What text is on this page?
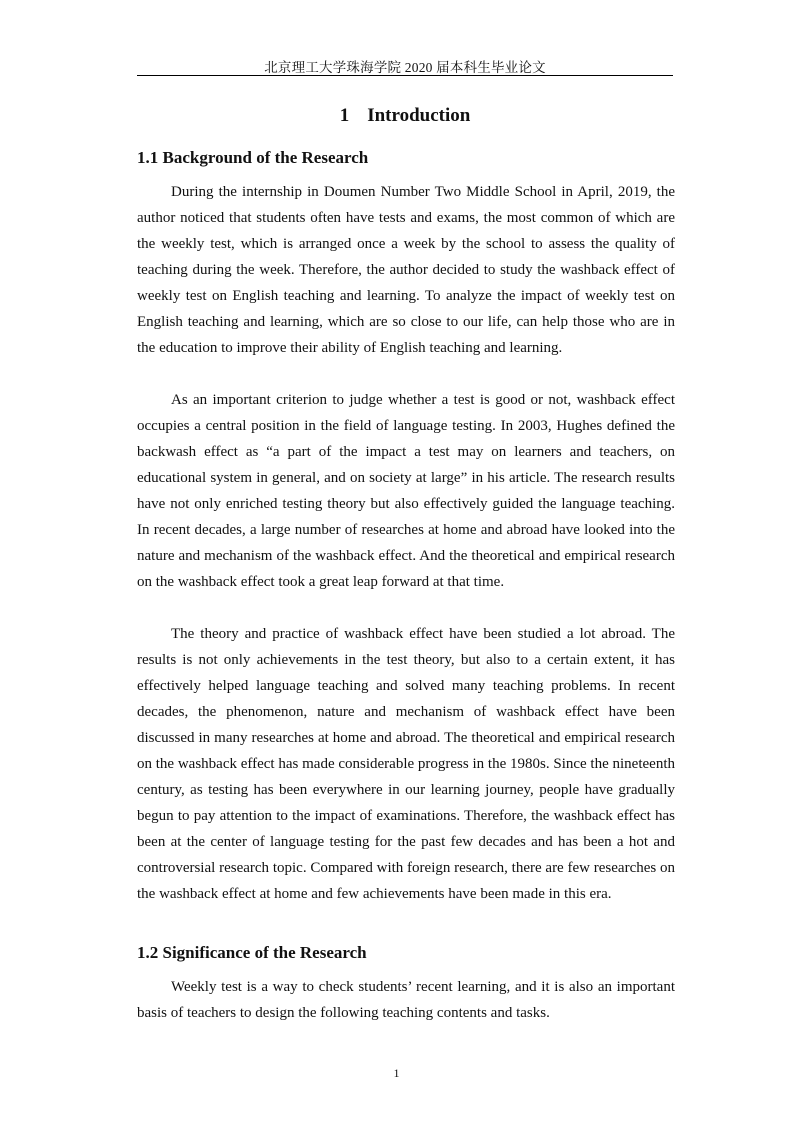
北京理工大学珠海学院 2020 届本科生毕业论文
1 Introduction
1.1 Background of the Research

During the internship in Doumen Number Two Middle School in April, 2019, the author noticed that students often have tests and exams, the most common of which are the weekly test, which is arranged once a week by the school to assess the quality of teaching during the week. Therefore, the author decided to study the washback effect of weekly test on English teaching and learning. To analyze the impact of weekly test on English teaching and learning, which are so close to our life, can help those who are in the education to improve their ability of English teaching and learning.

As an important criterion to judge whether a test is good or not, washback effect occupies a central position in the field of language testing. In 2003, Hughes defined the backwash effect as “a part of the impact a test may on learners and teachers, on educational system in general, and on society at large” in his article. The research results have not only enriched testing theory but also effectively guided the language teaching. In recent decades, a large number of researches at home and abroad have looked into the nature and mechanism of the washback effect. And the theoretical and empirical research on the washback effect took a great leap forward at that time.

The theory and practice of washback effect have been studied a lot abroad. The results is not only achievements in the test theory, but also to a certain extent, it has effectively helped language teaching and solved many teaching problems. In recent decades, the phenomenon, nature and mechanism of washback effect have been discussed in many researches at home and abroad. The theoretical and empirical research on the washback effect has made considerable progress in the 1980s. Since the nineteenth century, as testing has been everywhere in our learning journey, people have gradually begun to pay attention to the impact of examinations. Therefore, the washback effect has been at the center of language testing for the past few decades and has been a hot and controversial research topic. Compared with foreign research, there are few researches on the washback effect at home and few achievements have been made in this era.

1.2 Significance of the Research

Weekly test is a way to check students’ recent learning, and it is also an important basis of teachers to design the following teaching contents and tasks.

1
